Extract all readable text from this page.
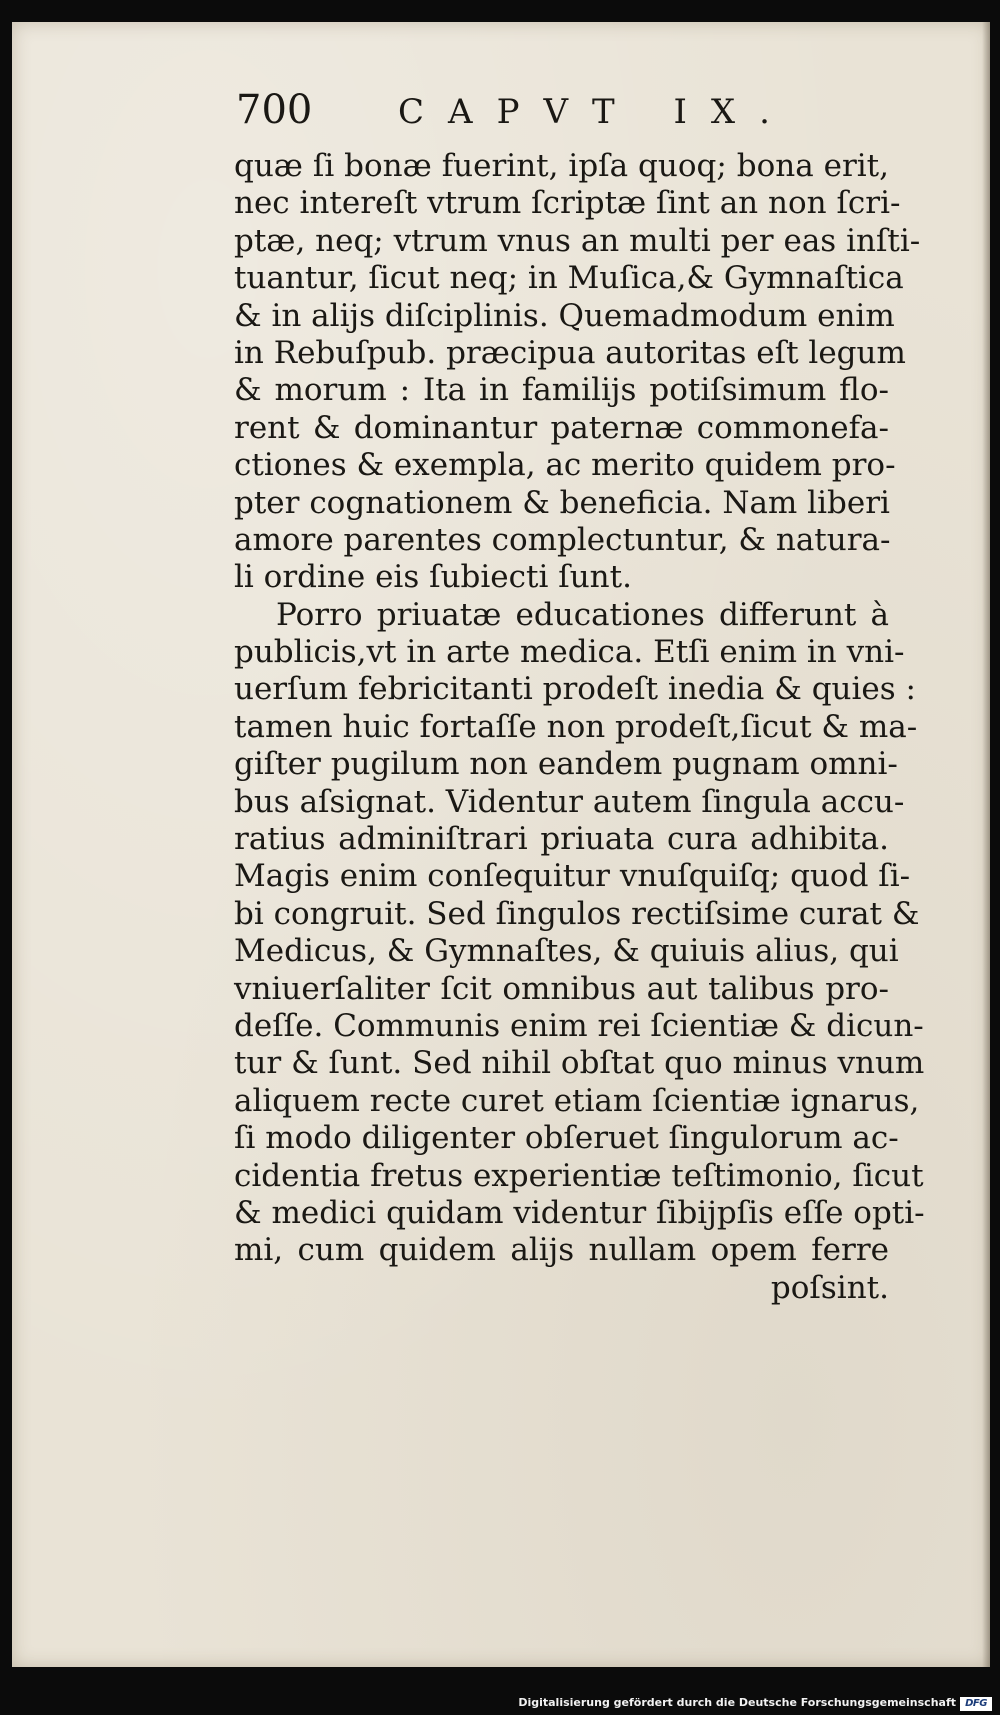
700	CAPVT IX.
quæ ſi bonæ fuerint, ipſa quoq; bona erit,
nec intereſt vtrum ſcriptæ ſint an non ſcri-
ptæ, neq; vtrum vnus an multi per eas inſti-
tuantur, ſicut neq; in Muſica,& Gymnaſtica
& in alijs diſciplinis. Quemadmodum enim
in Rebuſpub. præcipua autoritas eſt legum
& morum : Ita in familijs potiſsimum flo-
rent & dominantur paternæ commonefa-
ctiones & exempla, ac merito quidem pro-
pter cognationem & beneficia. Nam liberi
amore parentes complectuntur, & natura-
li ordine eis ſubiecti ſunt.
Porro priuatæ educationes differunt à
publicis,vt in arte medica. Etſi enim in vni-
uerſum febricitanti prodeſt inedia & quies :
tamen huic fortaſſe non prodeſt,ſicut & ma-
giſter pugilum non eandem pugnam omni-
bus aſsignat. Videntur autem ſingula accu-
ratius adminiſtrari priuata cura adhibita.
Magis enim conſequitur vnuſquiſq; quod ſi-
bi congruit. Sed ſingulos rectiſsime curat &
Medicus, & Gymnaſtes, & quiuis alius, qui
vniuerſaliter ſcit omnibus aut talibus pro-
deſſe. Communis enim rei ſcientiæ & dicun-
tur & ſunt. Sed nihil obſtat quo minus vnum
aliquem recte curet etiam ſcientiæ ignarus,
ſi modo diligenter obſeruet ſingulorum ac-
cidentia fretus experientiæ teſtimonio, ſicut
& medici quidam videntur ſibijpſis eſſe opti-
mi, cum quidem alijs nullam opem ferre
poſsint.
Digitalisierung gefördert durch die Deutsche Forschungsgemeinschaft DFG
